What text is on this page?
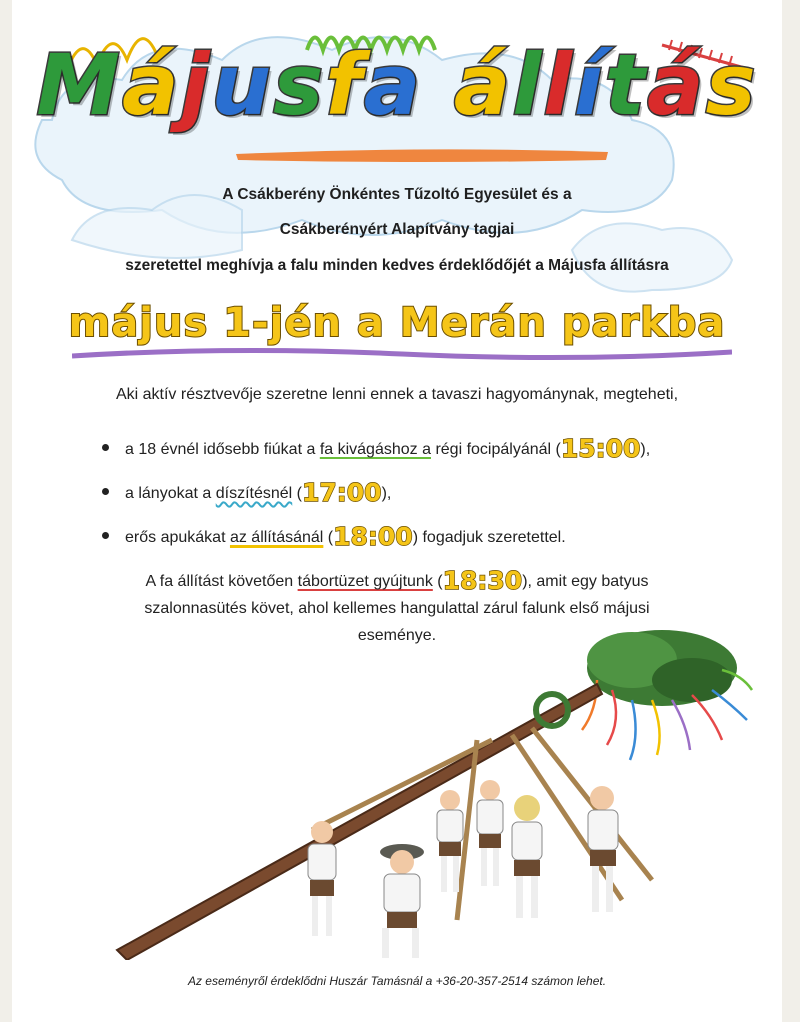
Májusfa állítás
A Csákberény Önkéntes Tűzoltó Egyesület és a
Csákberényért Alapítvány tagjai
szeretettel meghívja a falu minden kedves érdeklődőjét a Májusfa állításra
május 1-jén a Merán parkba
Aki aktív résztvevője szeretne lenni ennek a tavaszi hagyománynak, megteheti,
a 18 évnél idősebb fiúkat a fa kivágáshoz a régi focipályánál (15:00),
a lányokat a díszítésnél (17:00),
erős apukákat az állításánál (18:00) fogadjuk szeretettel.
A fa állítást követően tábortüzet gyújtunk (18:30), amit egy batyus
szalonnasütés követ, ahol kellemes hangulattal zárul falunk első májusi
eseménye.
Az eseményről érdeklődni Huszár Tamásnál a +36-20-357-2514 számon lehet.
